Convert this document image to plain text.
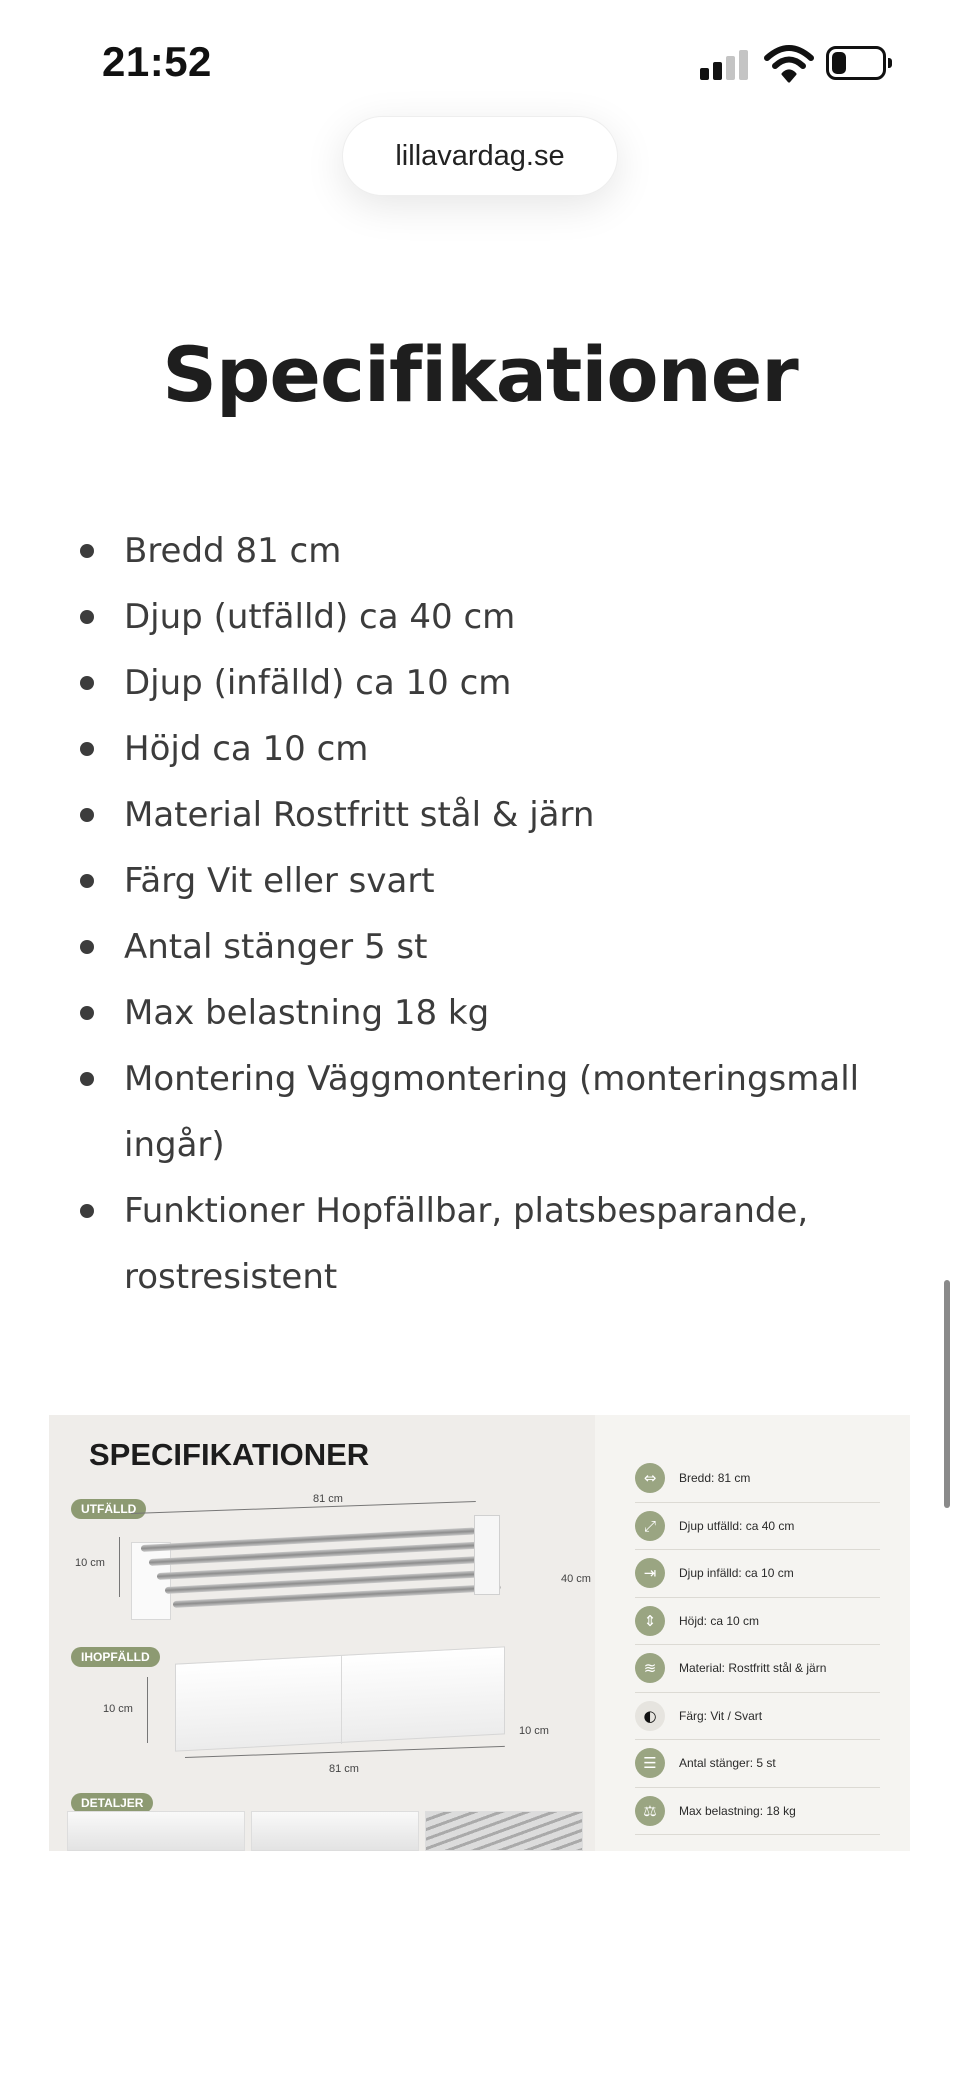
21:52
lillavardag.se
Specifikationer
Bredd 81 cm
Djup (utfälld) ca 40 cm
Djup (infälld) ca 10 cm
Höjd ca 10 cm
Material Rostfritt stål & järn
Färg Vit eller svart
Antal stänger 5 st
Max belastning 18 kg
Montering Väggmontering (monteringsmall ingår)
Funktioner Hopfällbar, platsbesparande, rostresistent
SPECIFIKATIONER
UTFÄLLD
81 cm
10 cm
40 cm
IHOPFÄLLD
10 cm
10 cm
81 cm
DETALJER
⇔	Bredd: 81 cm
⤢	Djup utfälld: ca 40 cm
⇥	Djup infälld: ca 10 cm
⇕	Höjd: ca 10 cm
≋	Material: Rostfritt stål & järn
◐	Färg: Vit / Svart
☰	Antal stänger: 5 st
⚖	Max belastning: 18 kg
